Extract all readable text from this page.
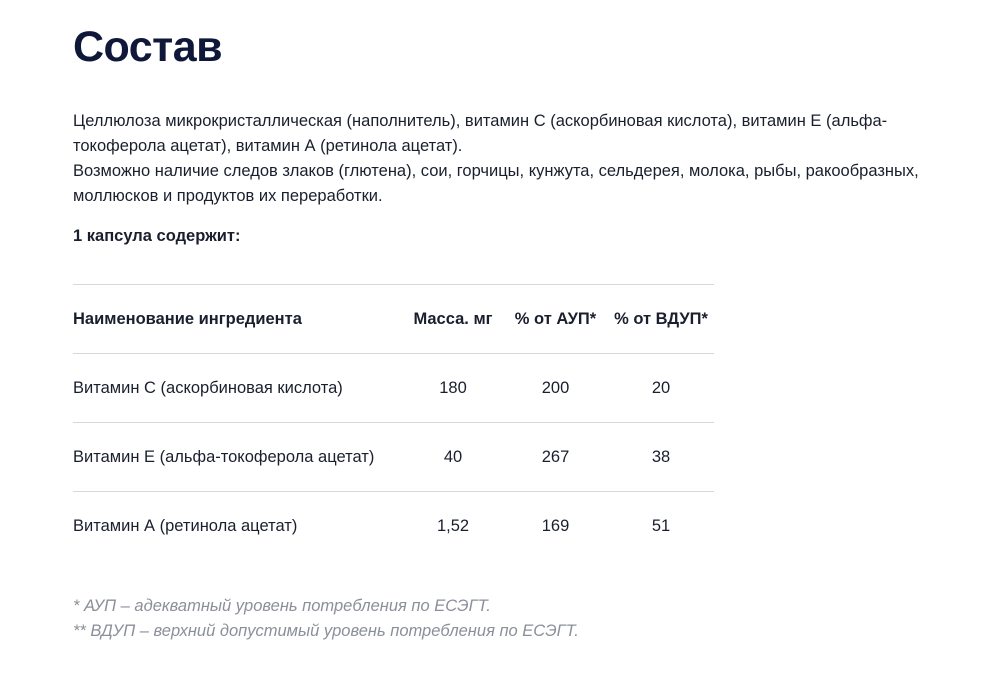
Состав

Целлюлоза микрокристаллическая (наполнитель), витамин С (аскорбиновая кислота), витамин Е (альфа-токоферола ацетат), витамин А (ретинола ацетат).

Возможно наличие следов злаков (глютена), сои, горчицы, кунжута, сельдерея, молока, рыбы, ракообразных, моллюсков и продуктов их переработки.

1 капсула содержит:
Наименование ингредиента	Масса. мг	% от АУП*	% от ВДУП*
Витамин С (аскорбиновая кислота)	180	200	20
Витамин Е (альфа-токоферола ацетат)	40	267	38
Витамин А (ретинола ацетат)	1,52	169	51

* АУП – адекватный уровень потребления по ЕСЭГТ.

** ВДУП – верхний допустимый уровень потребления по ЕСЭГТ.
